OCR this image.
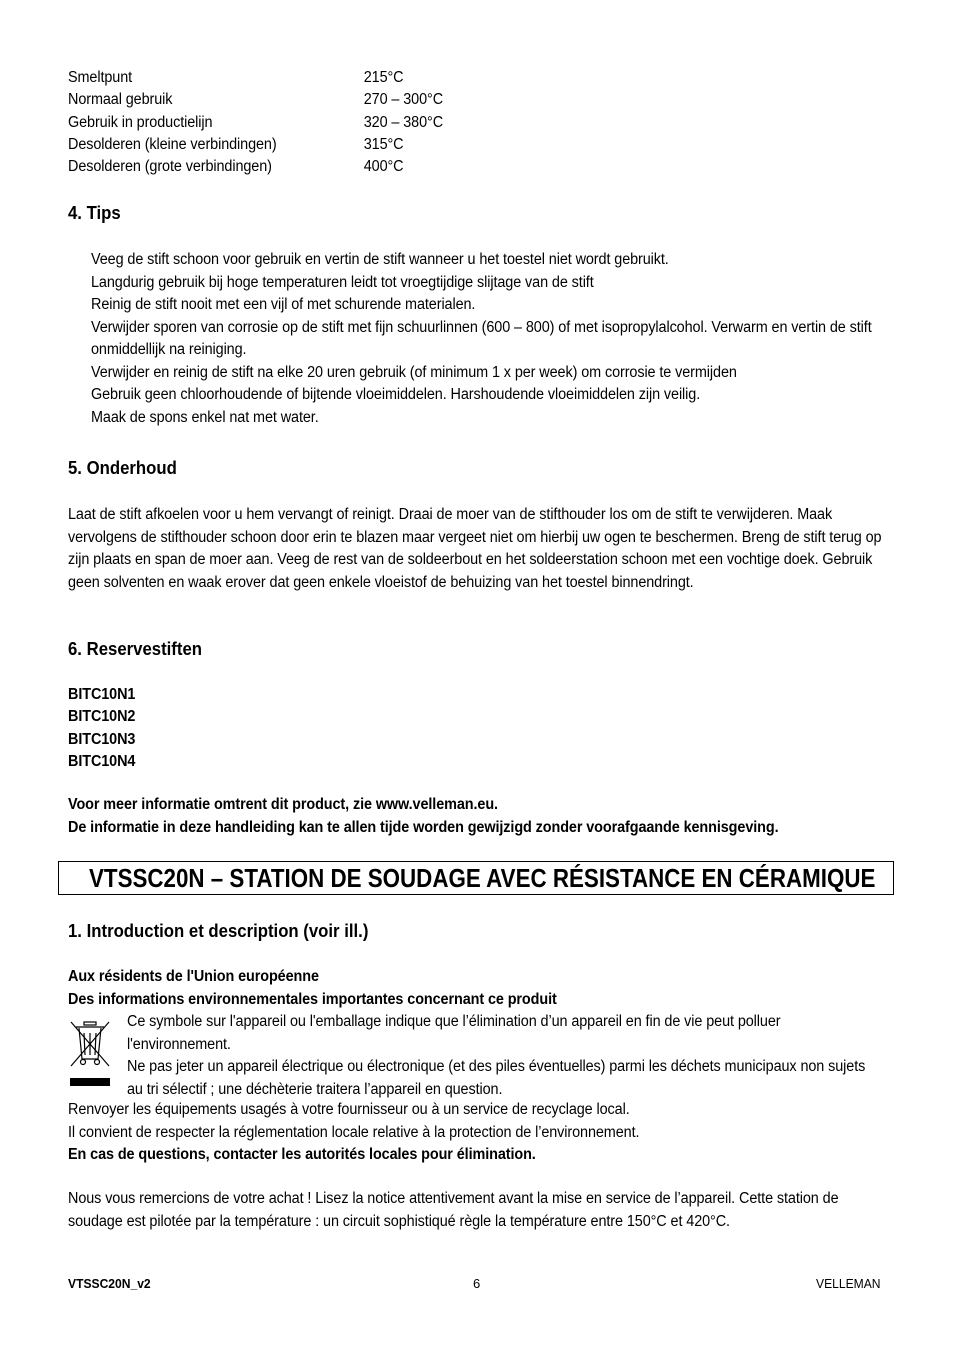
Smeltpunt	215°C
Normaal gebruik	270 – 300°C
Gebruik in productielijn	320 – 380°C
Desolderen (kleine verbindingen)	315°C
Desolderen (grote verbindingen)	400°C
4. Tips
Veeg de stift schoon voor gebruik en vertin de stift wanneer u het toestel niet wordt gebruikt.
Langdurig gebruik bij hoge temperaturen leidt tot vroegtijdige slijtage van de stift
Reinig de stift nooit met een vijl of met schurende materialen.
Verwijder sporen van corrosie op de stift met fijn schuurlinnen (600 – 800) of met isopropylalcohol. Verwarm en vertin de stift onmiddellijk na reiniging.
Verwijder en reinig de stift na elke 20 uren gebruik (of minimum 1 x per week) om corrosie te vermijden
Gebruik geen chloorhoudende of bijtende vloeimiddelen. Harshoudende vloeimiddelen zijn veilig.
Maak de spons enkel nat met water.
5. Onderhoud
Laat de stift afkoelen voor u hem vervangt of reinigt. Draai de moer van de stifthouder los om de stift te verwijderen. Maak vervolgens de stifthouder schoon door erin te blazen maar vergeet niet om hierbij uw ogen te beschermen. Breng de stift terug op zijn plaats en span de moer aan. Veeg de rest van de soldeerbout en het soldeerstation schoon met een vochtige doek. Gebruik geen solventen en waak erover dat geen enkele vloeistof de behuizing van het toestel binnendringt.
6. Reservestiften
BITC10N1
BITC10N2
BITC10N3
BITC10N4
Voor meer informatie omtrent dit product, zie www.velleman.eu.
De informatie in deze handleiding kan te allen tijde worden gewijzigd zonder voorafgaande kennisgeving.
VTSSC20N – STATION DE SOUDAGE AVEC RÉSISTANCE EN CÉRAMIQUE
1. Introduction et description (voir ill.)
Aux résidents de l'Union européenne
Des informations environnementales importantes concernant ce produit
Ce symbole sur l'appareil ou l'emballage indique que l’élimination d’un appareil en fin de vie peut polluer l'environnement.
Ne pas jeter un appareil électrique ou électronique (et des piles éventuelles) parmi les déchets municipaux non sujets au tri sélectif ; une déchèterie traitera l’appareil en question.
Renvoyer les équipements usagés à votre fournisseur ou à un service de recyclage local.
Il convient de respecter la réglementation locale relative à la protection de l’environnement.
En cas de questions, contacter les autorités locales pour élimination.
Nous vous remercions de votre achat ! Lisez la notice attentivement avant la mise en service de l’appareil. Cette station de soudage est pilotée par la température : un circuit sophistiqué règle la température entre 150°C et 420°C.
VTSSC20N_v2	6	VELLEMAN
